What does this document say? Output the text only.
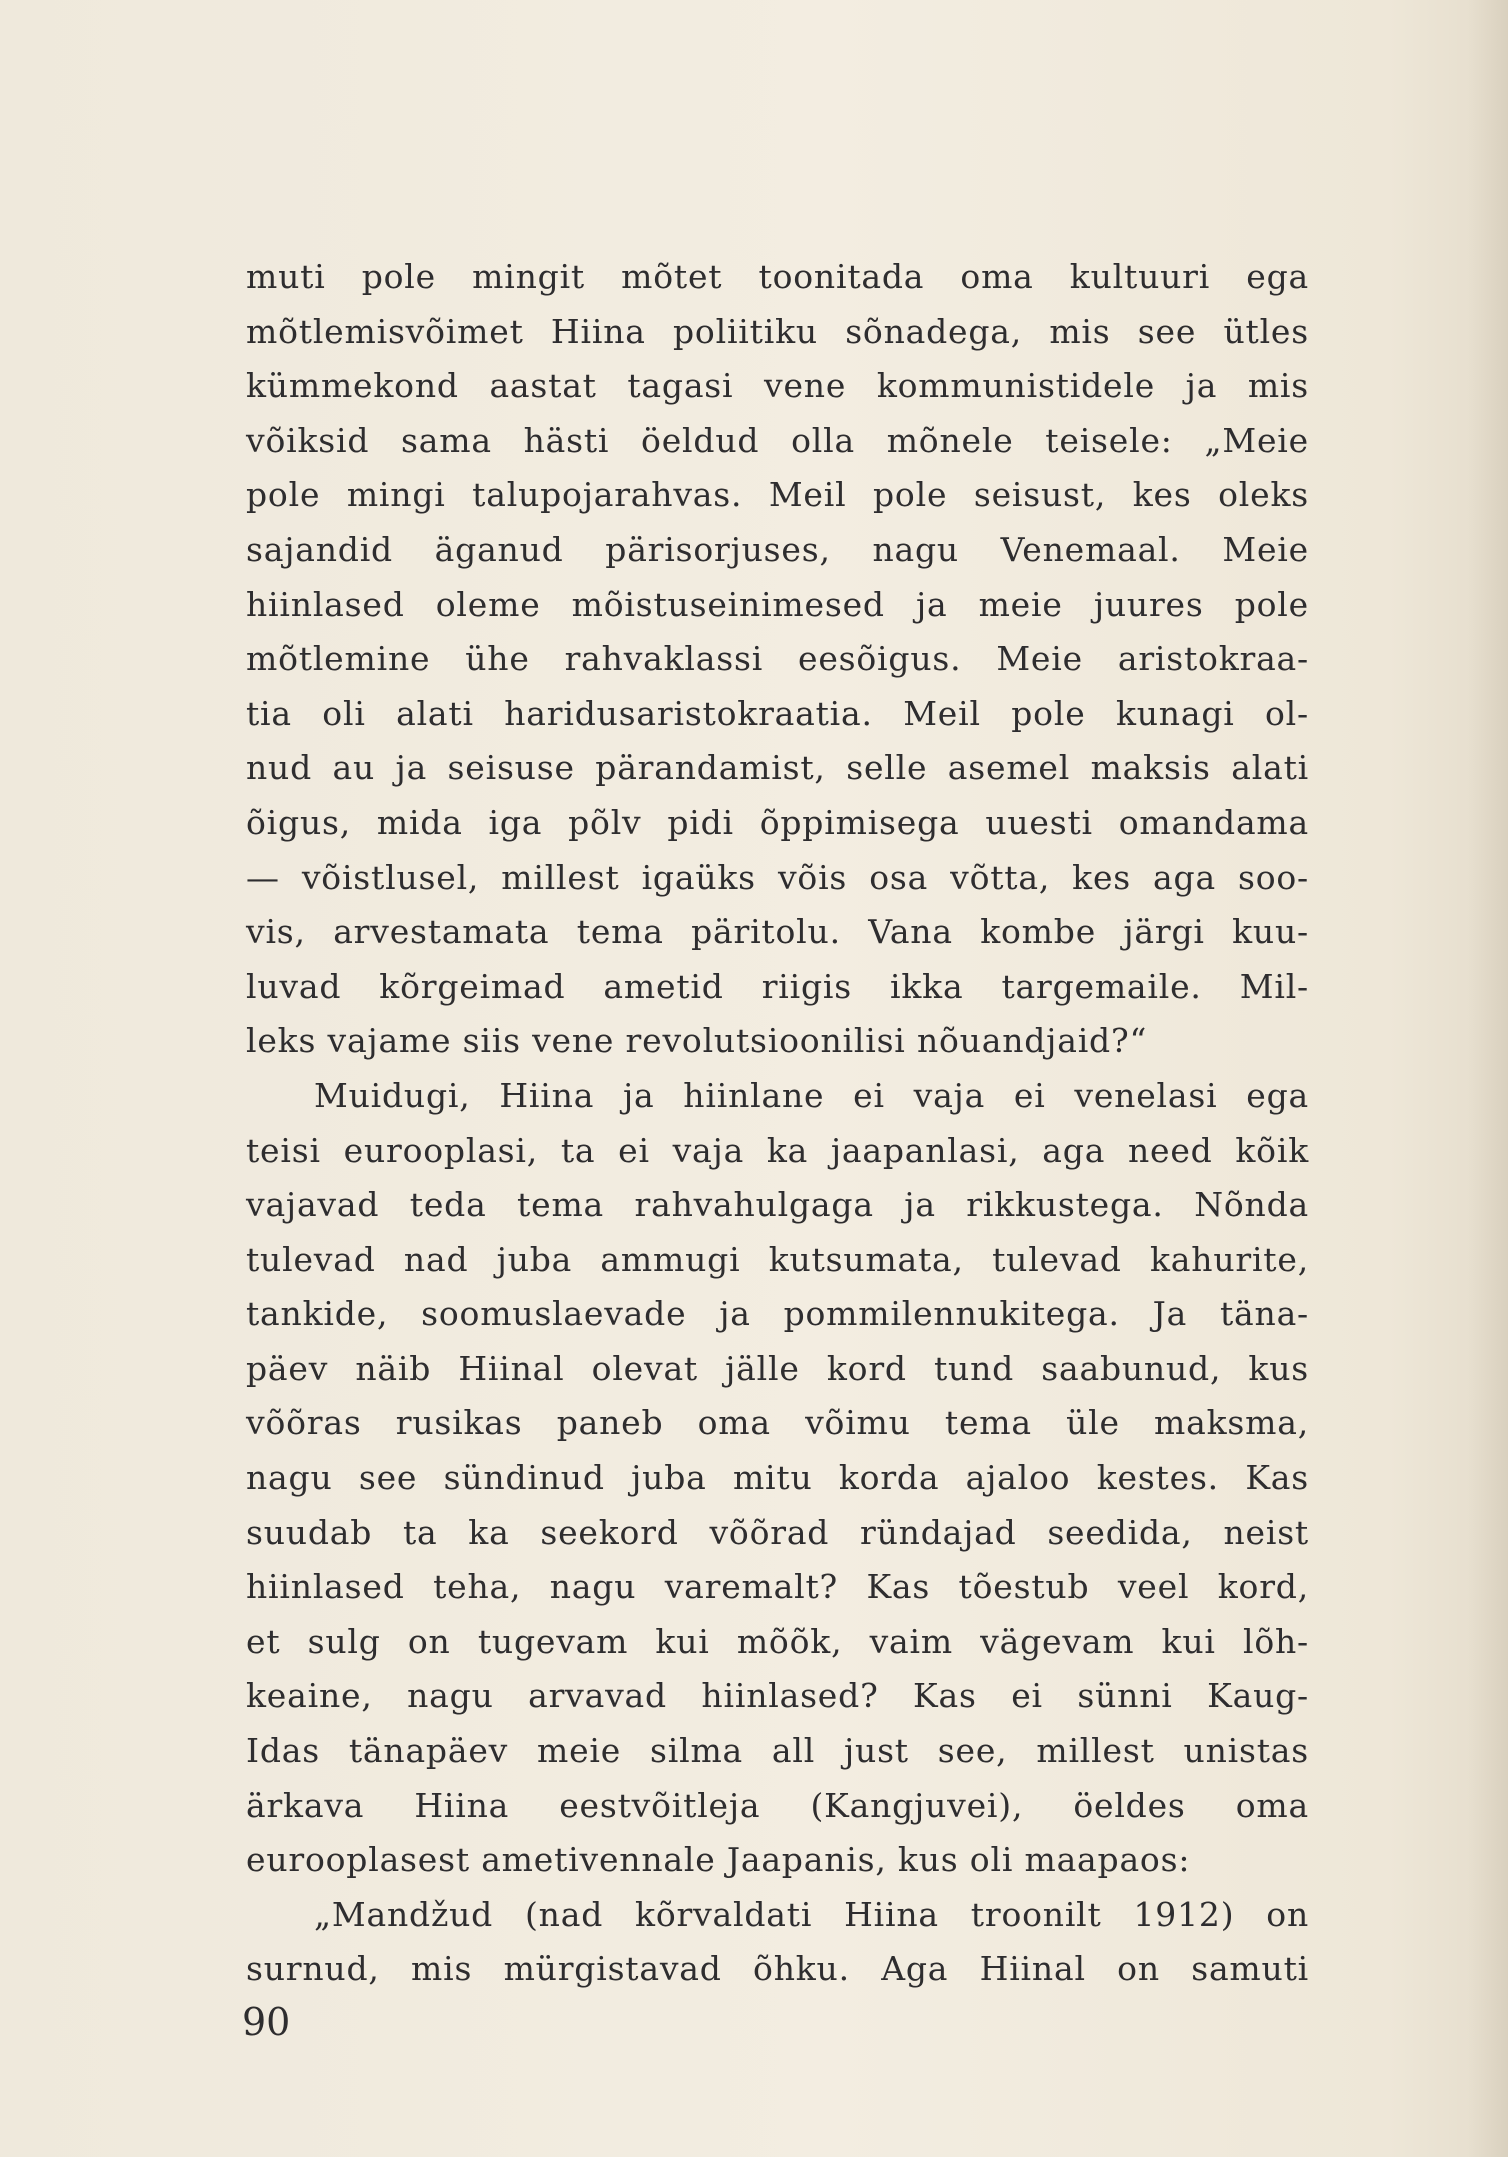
muti pole mingit mõtet toonitada oma kultuuri ega
mõtlemisvõimet Hiina poliitiku sõnadega, mis see ütles
kümmekond aastat tagasi vene kommunistidele ja mis
võiksid sama hästi öeldud olla mõnele teisele: „Meie
pole mingi talupojarahvas. Meil pole seisust, kes oleks
sajandid äganud pärisorjuses, nagu Venemaal. Meie
hiinlased oleme mõistuseinimesed ja meie juures pole
mõtlemine ühe rahvaklassi eesõigus. Meie aristokraa-
tia oli alati haridusaristokraatia. Meil pole kunagi ol-
nud au ja seisuse pärandamist, selle asemel maksis alati
õigus, mida iga põlv pidi õppimisega uuesti omandama
— võistlusel, millest igaüks võis osa võtta, kes aga soo-
vis, arvestamata tema päritolu. Vana kombe järgi kuu-
luvad kõrgeimad ametid riigis ikka targemaile. Mil-
leks vajame siis vene revolutsioonilisi nõuandjaid?“
Muidugi, Hiina ja hiinlane ei vaja ei venelasi ega
teisi eurooplasi, ta ei vaja ka jaapanlasi, aga need kõik
vajavad teda tema rahvahulgaga ja rikkustega. Nõnda
tulevad nad juba ammugi kutsumata, tulevad kahurite,
tankide, soomuslaevade ja pommilennukitega. Ja täna-
päev näib Hiinal olevat jälle kord tund saabunud, kus
võõras rusikas paneb oma võimu tema üle maksma,
nagu see sündinud juba mitu korda ajaloo kestes. Kas
suudab ta ka seekord võõrad ründajad seedida, neist
hiinlased teha, nagu varemalt? Kas tõestub veel kord,
et sulg on tugevam kui mõõk, vaim vägevam kui lõh-
keaine, nagu arvavad hiinlased? Kas ei sünni Kaug-
Idas tänapäev meie silma all just see, millest unistas
ärkava Hiina eestvõitleja (Kangjuvei), öeldes oma
eurooplasest ametivennale Jaapanis, kus oli maapaos:
„Mandžud (nad kõrvaldati Hiina troonilt 1912) on
surnud, mis mürgistavad õhku. Aga Hiinal on samuti
90
